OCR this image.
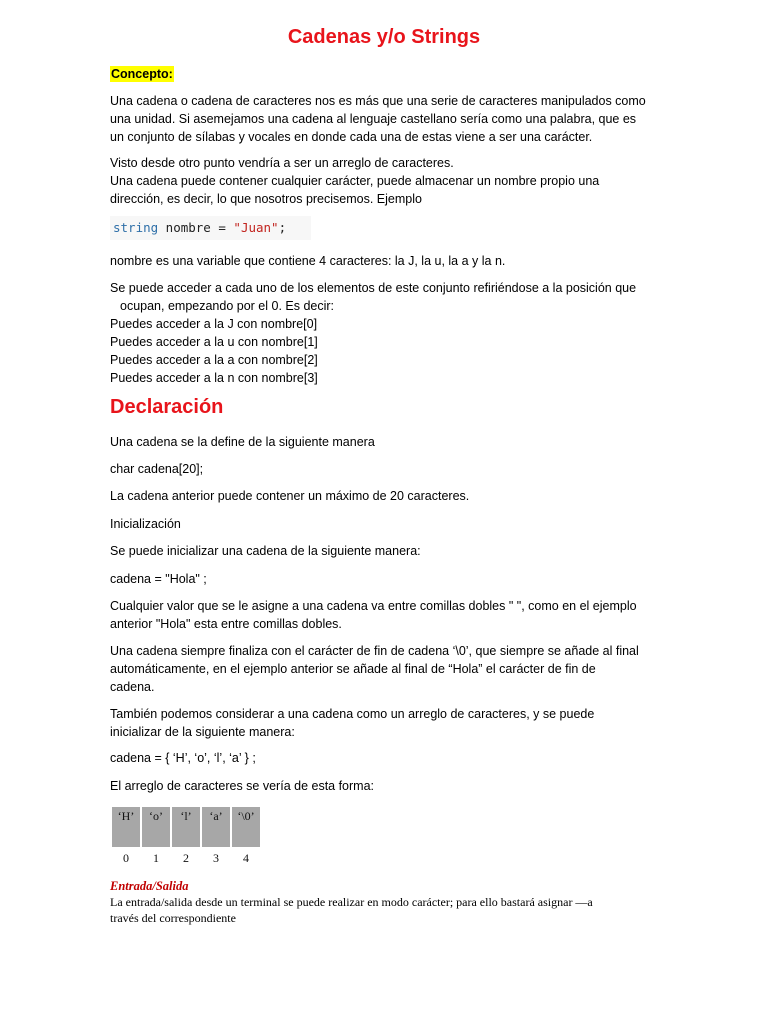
Cadenas y/o Strings
Concepto:

Una cadena o cadena de caracteres nos es más que una serie de caracteres manipulados como
una unidad. Si asemejamos una cadena al lenguaje castellano sería como una palabra, que es
un conjunto de sílabas y vocales en donde cada una de estas viene a ser una carácter.

Visto desde otro punto vendría a ser un arreglo de caracteres.
Una cadena puede contener cualquier carácter, puede almacenar un nombre propio una
dirección, es decir, lo que nosotros precisemos. Ejemplo

string nombre = "Juan";

nombre es una variable que contiene 4 caracteres: la J, la u, la a y la n.

Se puede acceder a cada uno de los elementos de este conjunto refiriéndose a la posición que
ocupan, empezando por el 0. Es decir:
Puedes acceder a la J con nombre[0]
Puedes acceder a la u con nombre[1]
Puedes acceder a la a con nombre[2]
Puedes acceder a la n con nombre[3]

Declaración

Una cadena se la define de la siguiente manera

char cadena[20];

La cadena anterior puede contener un máximo de 20 caracteres.

Inicialización

Se puede inicializar una cadena de la siguiente manera:

cadena = "Hola" ;

Cualquier valor que se le asigne a una cadena va entre comillas dobles " ", como en el ejemplo
anterior "Hola" esta entre comillas dobles.

Una cadena siempre finaliza con el carácter de fin de cadena ‘\0’, que siempre se añade al final
automáticamente, en el ejemplo anterior se añade al final de “Hola” el carácter de fin de
cadena.

También podemos considerar a una cadena como un arreglo de caracteres, y se puede
inicializar de la siguiente manera:

cadena = { ‘H’, ‘o’, ‘l’, ‘a’ } ;

El arreglo de caracteres se vería de esta forma:

‘H’	‘o’	‘l’	‘a’	‘\0’
0	1	2	3	4

Entrada/Salida

La entrada/salida desde un terminal se puede realizar en modo carácter; para ello bastará asignar —a
través del correspondiente
